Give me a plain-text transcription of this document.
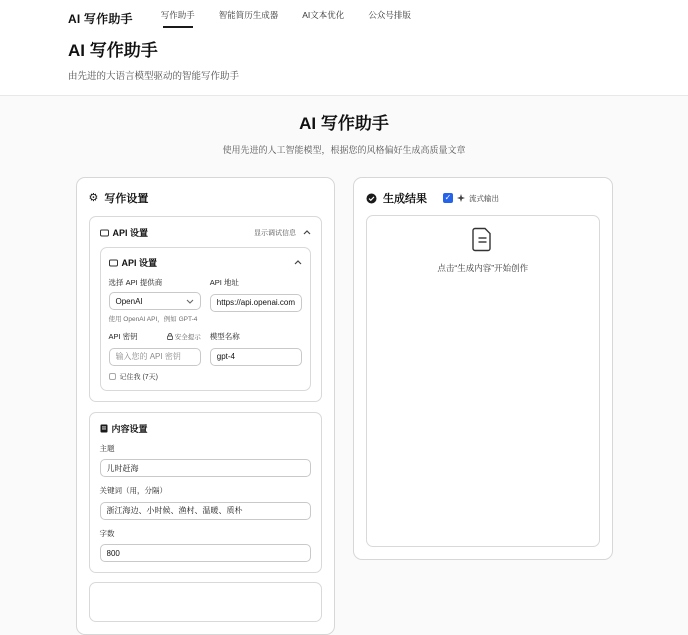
AI 写作助手	写作助手	智能简历生成器	AI文本优化	公众号排版
AI 写作助手
由先进的大语言模型驱动的智能写作助手
AI 写作助手
使用先进的人工智能模型，根据您的风格偏好生成高质量文章
⚙ 写作设置
API 设置	显示调试信息
API 设置
选择 API 提供商
OpenAI
使用 OpenAI API，例如 GPT-4
API 地址
https://api.openai.com/v1/chat
API 密钥	安全提示
输入您的 API 密钥
记住我 (7天)
模型名称
gpt-4
内容设置
主题
儿时赶海
关键词（用，分隔）
浙江海边、小时候、渔村、温暖、质朴
字数
800
生成结果 ✓ 流式输出
点击“生成内容”开始创作
